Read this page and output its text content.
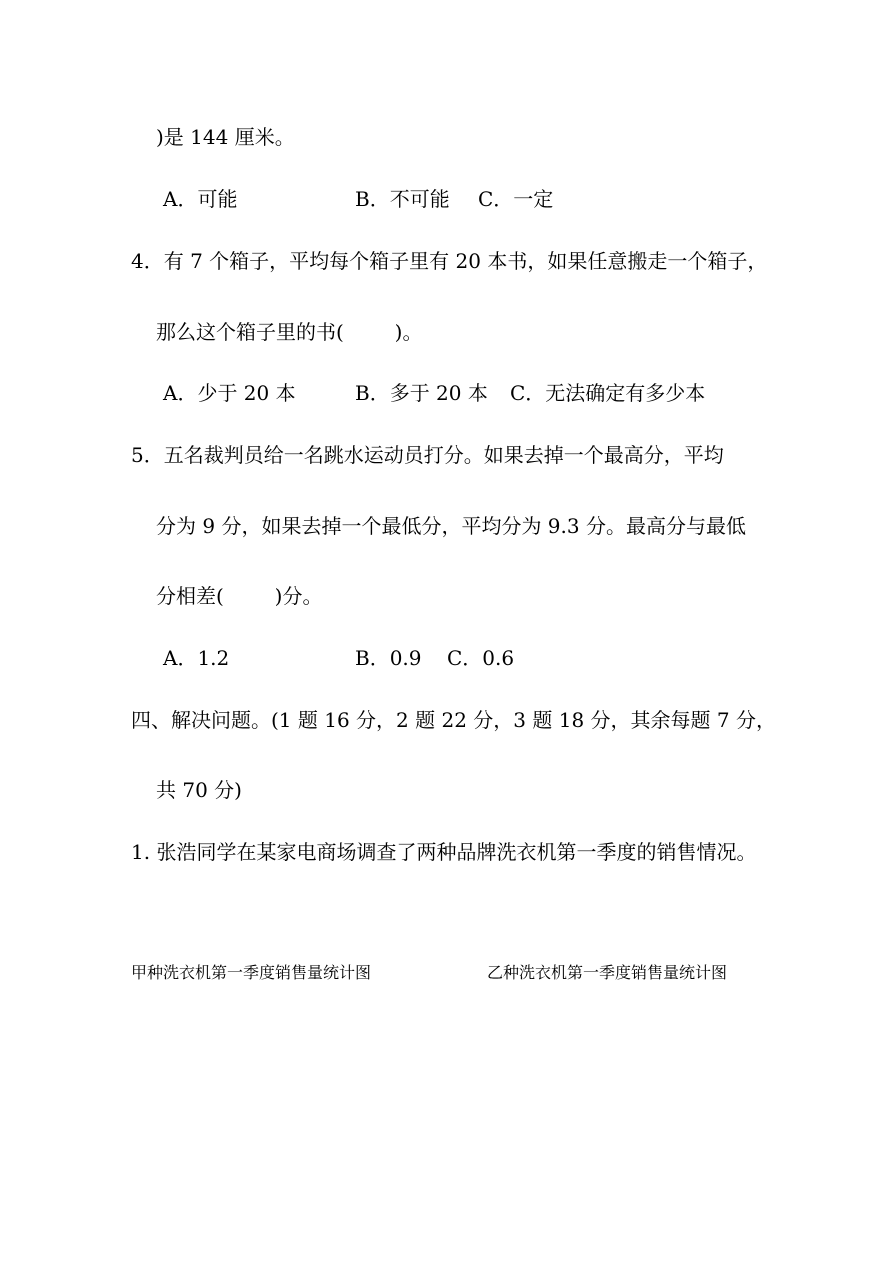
)是 144 厘米。
A．可能	B．不可能 C．一定
4．有 7 个箱子，平均每个箱子里有 20 本书，如果任意搬走一个箱子，
那么这个箱子里的书(        )。
A．少于 20 本	B．多于 20 本 C．无法确定有多少本
5．五名裁判员给一名跳水运动员打分。如果去掉一个最高分，平均
分为 9 分，如果去掉一个最低分，平均分为 9.3 分。最高分与最低
分相差(        )分。
A．1.2	B．0.9 C．0.6
四、解决问题。(1 题 16 分，2 题 22 分，3 题 18 分，其余每题 7 分，
共 70 分)
1. 张浩同学在某家电商场调查了两种品牌洗衣机第一季度的销售情况。
甲种洗衣机第一季度销售量统计图	乙种洗衣机第一季度销售量统计图
